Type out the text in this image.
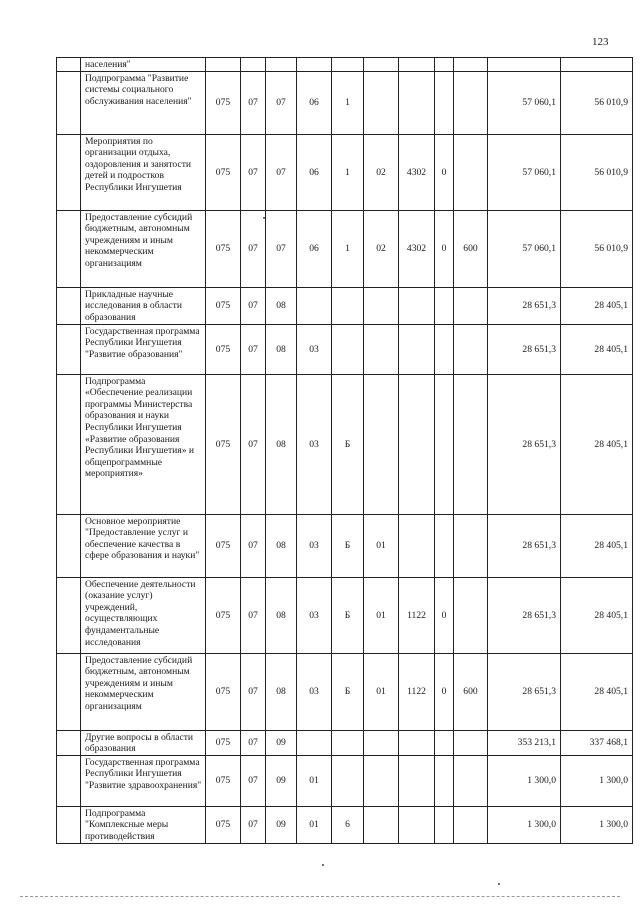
123
	населения"											
	Подпрограмма "Развитие системы социального обслуживания населения"	075	07	07	06	1					57 060,1	56 010,9
	Мероприятия по организации отдыха, оздоровления и занятости детей и подростков Республики Ингушетия	075	07	07	06	1	02	4302	0		57 060,1	56 010,9
	Предоставление субсидий бюджетным, автономным учреждениям и иным некоммерческим организациям	075	07	07	06	1	02	4302	0	600	57 060,1	56 010,9
	Прикладные научные исследования в области образования	075	07	08							28 651,3	28 405,1
	Государственная программа Республики Ингушетия "Развитие образования"	075	07	08	03						28 651,3	28 405,1
	Подпрограмма «Обеспечение реализации программы Министерства образования и науки Республики Ингушетия «Развитие образования Республики Ингушетия» и общепрограммные мероприятия»	075	07	08	03	Б					28 651,3	28 405,1
	Основное мероприятие "Предоставление услуг и обеспечение качества в сфере образования и науки"	075	07	08	03	Б	01				28 651,3	28 405,1
	Обеспечение деятельности (оказание услуг) учреждений, осуществляющих фундаментальные исследования	075	07	08	03	Б	01	1122	0		28 651,3	28 405,1
	Предоставление субсидий бюджетным, автономным учреждениям и иным некоммерческим организациям	075	07	08	03	Б	01	1122	0	600	28 651,3	28 405,1
	Другие вопросы в области образования	075	07	09							353 213,1	337 468,1
	Государственная программа Республики Ингушетия "Развитие здравоохранения"	075	07	09	01						1 300,0	1 300,0
	Подпрограмма "Комплексные меры противодействия	075	07	09	01	6					1 300,0	1 300,0
